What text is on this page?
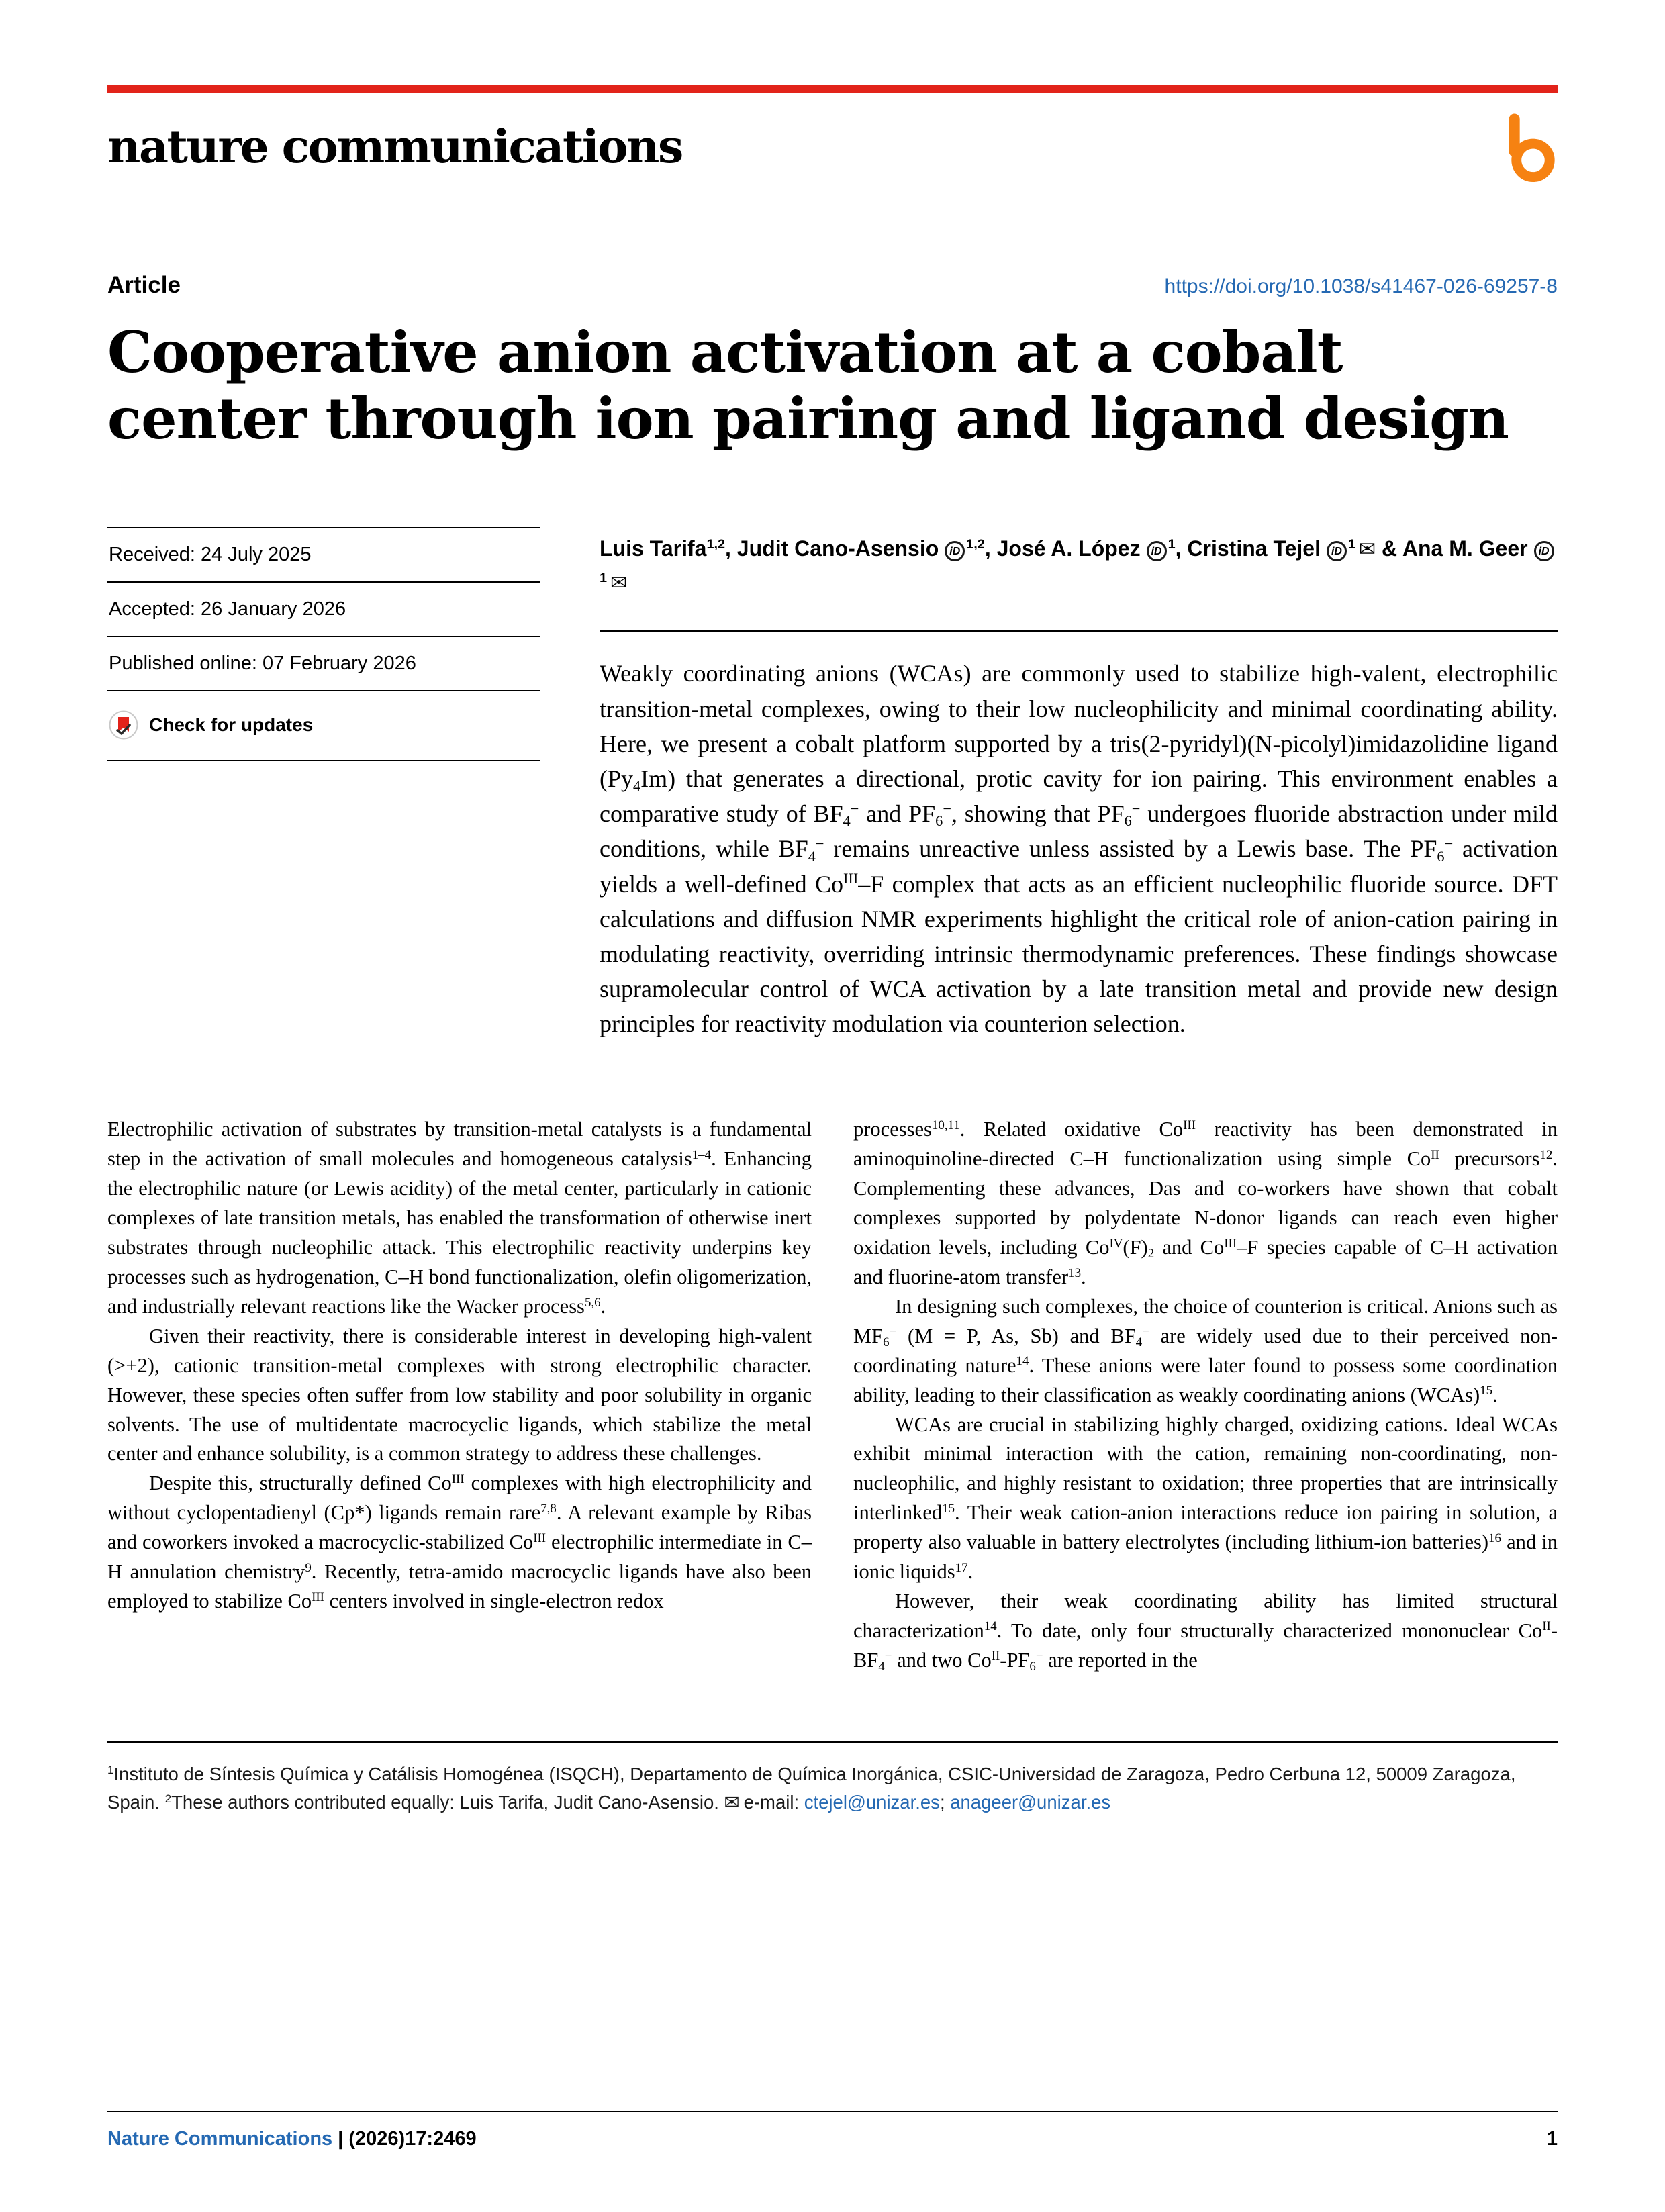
nature communications
Article	https://doi.org/10.1038/s41467-026-69257-8
Cooperative anion activation at a cobalt
center through ion pairing and ligand design
Received: 24 July 2025
Accepted: 26 January 2026
Published online: 07 February 2026
Check for updates

Luis Tarifa$^{1,2}$, Judit Cano-Asensio iD $^{1,2}$, José A. López iD $^1$, Cristina Tejel iD $^1$ ✉ & Ana M. Geer $iD^1$ ✉

Weakly coordinating anions (WCAs) are commonly used to stabilize high-valent, electrophilic transition-metal complexes, owing to their low nucleophilicity and minimal coordinating ability. Here, we present a cobalt platform supported by a tris(2-pyridyl)(N-picolyl)imidazolidine ligand $(Py_4Im)$ that generates a directional, protic cavity for ion pairing. This environment enables a comparative study of $BF_4^-$ and $PF_6^-$, showing that $PF_6^-$ undergoes fluoride abstraction under mild conditions, while $BF_4^-$ remains unreactive unless assisted by a Lewis base. The $PF_6^-$ activation yields a well-defined $Co^{III}-F$ complex that acts as an efficient nucleophilic fluoride source. DFT calculations and diffusion NMR experiments highlight the critical role of anion-cation pairing in modulating reactivity, overriding intrinsic thermodynamic preferences. These findings showcase supramolecular control of WCA activation by a late transition metal and provide new design principles for reactivity modulation via counterion selection.

Electrophilic activation of substrates by transition-metal catalysts is a fundamental step in the activation of small molecules and homogeneous catalysis$^{1-4}$. Enhancing the electrophilic nature (or Lewis acidity) of the metal center, particularly in cationic complexes of late transition metals, has enabled the transformation of otherwise inert substrates through nucleophilic attack. This electrophilic reactivity underpins key processes such as hydrogenation, C–H bond functionalization, olefin oligomerization, and industrially relevant reactions like the Wacker process$^{5,6}$.

Given their reactivity, there is considerable interest in developing high-valent (>+2), cationic transition-metal complexes with strong electrophilic character. However, these species often suffer from low stability and poor solubility in organic solvents. The use of multidentate macrocyclic ligands, which stabilize the metal center and enhance solubility, is a common strategy to address these challenges.

Despite this, structurally defined $Co^{III}$ complexes with high electrophilicity and without cyclopentadienyl (Cp*) ligands remain rare$^{7,8}$. A relevant example by Ribas and coworkers invoked a macrocyclic-stabilized $Co^{III}$ electrophilic intermediate in C–H annulation chemistry$^9$. Recently, tetra-amido macrocyclic ligands have also been employed to stabilize $Co^{III}$ centers involved in single-electron redox

processes$^{10,11}$. Related oxidative $Co^{III}$ reactivity has been demonstrated in aminoquinoline-directed C–H functionalization using simple $Co^{II}$ precursors$^{12}$. Complementing these advances, Das and co-workers have shown that cobalt complexes supported by polydentate N-donor ligands can reach even higher oxidation levels, including $Co^{IV}(F)_2$ and $Co^{III}-F$ species capable of C–H activation and fluorine-atom transfer$^{13}$.

In designing such complexes, the choice of counterion is critical. Anions such as $MF_6^-$ (M = P, As, Sb) and $BF_4^-$ are widely used due to their perceived non-coordinating nature$^{14}$. These anions were later found to possess some coordination ability, leading to their classification as weakly coordinating anions (WCAs)$^{15}$.

WCAs are crucial in stabilizing highly charged, oxidizing cations. Ideal WCAs exhibit minimal interaction with the cation, remaining non-coordinating, non-nucleophilic, and highly resistant to oxidation; three properties that are intrinsically interlinked$^{15}$. Their weak cation-anion interactions reduce ion pairing in solution, a property also valuable in battery electrolytes (including lithium-ion batteries)$^{16}$ and in ionic liquids$^{17}$.

However, their weak coordinating ability has limited structural characterization$^{14}$. To date, only four structurally characterized mononuclear $Co^{II}-BF_4^-$ and two $Co^{II}-PF_6^-$ are reported in the

$^1$Instituto de Síntesis Química y Catálisis Homogénea (ISQCH), Departamento de Química Inorgánica, CSIC-Universidad de Zaragoza, Pedro Cerbuna 12, 50009 Zaragoza, Spain. $^2$These authors contributed equally: Luis Tarifa, Judit Cano-Asensio. ✉ e-mail: ctejel@unizar.es; anageer@unizar.es
Nature Communications | (2026)17:2469	1
